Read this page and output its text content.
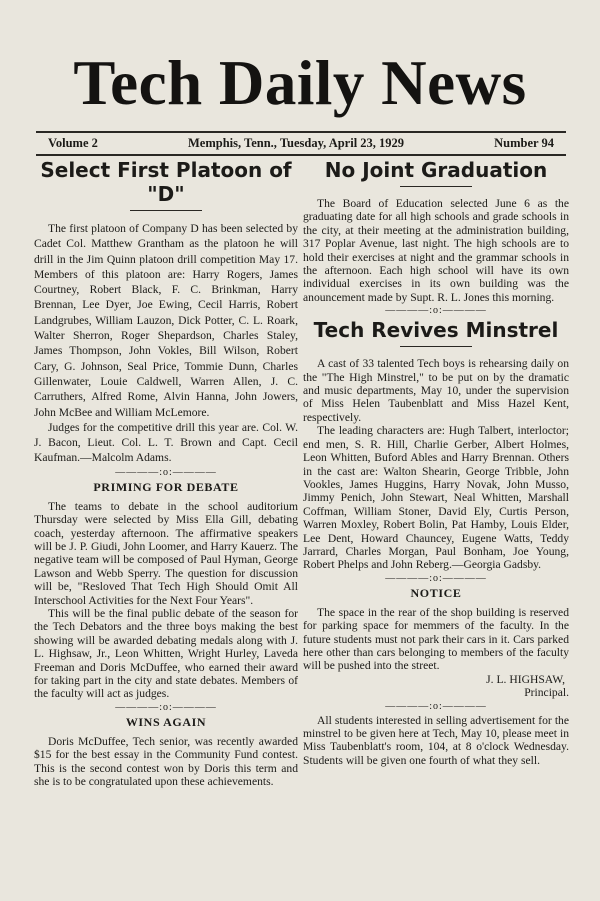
Tech Daily News
Volume 2	Memphis, Tenn., Tuesday, April 23, 1929	Number 94
Select First Platoon of "D"

The first platoon of Company D has been selected by Cadet Col. Matthew Grantham as the platoon he will drill in the Jim Quinn platoon drill competition May 17. Members of this platoon are: Harry Rogers, James Courtney, Robert Black, F. C. Brinkman, Harry Brennan, Lee Dyer, Joe Ewing, Cecil Harris, Robert Landgrubes, William Lauzon, Dick Potter, C. L. Roark, Walter Sherron, Roger Shepardson, Charles Staley, James Thompson, John Vokles, Bill Wilson, Robert Cary, G. Johnson, Seal Price, Tommie Dunn, Charles Gillenwater, Louie Caldwell, Warren Allen, J. C. Carruthers, Alfred Rome, Alvin Hanna, John Jowers, John McBee and William McLemore.

Judges for the competitive drill this year are. Col. W. J. Bacon, Lieut. Col. L. T. Brown and Capt. Cecil Kaufman.—Malcolm Adams.

————:o:————
PRIMING FOR DEBATE

The teams to debate in the school auditorium Thursday were selected by Miss Ella Gill, debating coach, yesterday afternoon. The affirmative speakers will be J. P. Giudi, John Loomer, and Harry Kauerz. The negative team will be composed of Paul Hyman, George Lawson and Webb Sperry. The question for discussion will be, "Resloved That Tech High Should Omit All Interschool Activities for the Next Four Years".

This will be the final public debate of the season for the Tech Debators and the three boys making the best showing will be awarded debating medals along with J. L. Highsaw, Jr., Leon Whitten, Wright Hurley, Laveda Freeman and Doris McDuffee, who earned their award for taking part in the city and state debates. Members of the faculty will act as judges.

————:o:————
WINS AGAIN

Doris McDuffee, Tech senior, was recently awarded $15 for the best essay in the Community Fund contest. This is the second contest won by Doris this term and she is to be congratulated upon these achievements.

No Joint Graduation

The Board of Education selected June 6 as the graduating date for all high schools and grade schools in the city, at their meeting at the administration building, 317 Poplar Avenue, last night. The high schools are to hold their exercises at night and the grammar schools in the afternoon. Each high school will have its own individual exercises in its own building was the anouncement made by Supt. R. L. Jones this morning.

————:o:————
Tech Revives Minstrel

A cast of 33 talented Tech boys is rehearsing daily on the "The High Minstrel," to be put on by the dramatic and music departments, May 10, under the supervision of Miss Helen Taubenblatt and Miss Hazel Kent, respectively.

The leading characters are: Hugh Talbert, interloctor; end men, S. R. Hill, Charlie Gerber, Albert Holmes, Leon Whitten, Buford Ables and Harry Brennan. Others in the cast are: Walton Shearin, George Tribble, John Vookles, James Huggins, Harry Novak, John Musso, Jimmy Penich, John Stewart, Neal Whitten, Marshall Coffman, William Stoner, David Ely, Curtis Person, Warren Moxley, Robert Bolin, Pat Hamby, Louis Elder, Lee Dent, Howard Chauncey, Eugene Watts, Teddy Jarrard, Charles Morgan, Paul Bonham, Joe Young, Robert Phelps and John Reberg.—Georgia Gadsby.

————:o:————
NOTICE

The space in the rear of the shop building is reserved for parking space for memmers of the faculty. In the future students must not park their cars in it. Cars parked here other than cars belonging to members of the faculty will be pushed into the street.

J. L. HIGHSAW,
Principal.
————:o:————

All students interested in selling advertisement for the minstrel to be given here at Tech, May 10, please meet in Miss Taubenblatt's room, 104, at 8 o'clock Wednesday. Students will be given one fourth of what they sell.
